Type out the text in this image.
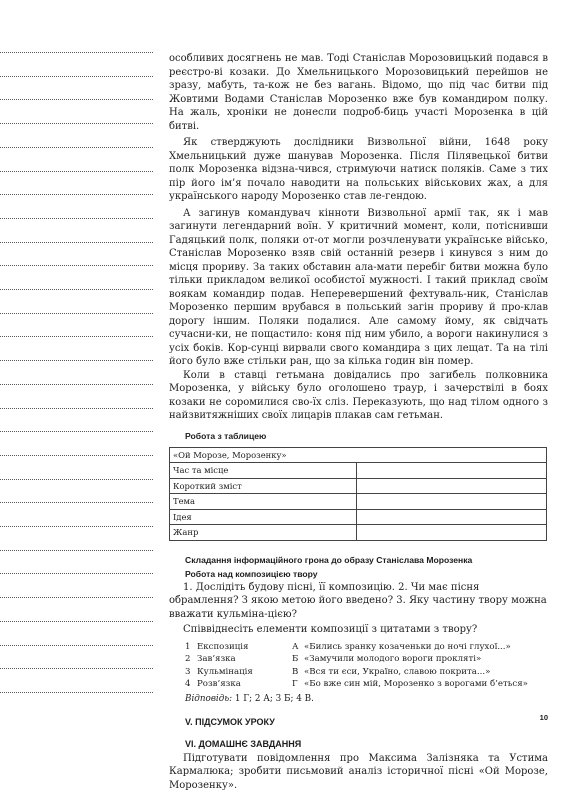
особливих досягнень не мав. Тоді Станіслав Морозовицький подався в реєстро-ві козаки. До Хмельницького Морозовицький перейшов не зразу, мабуть, та-кож не без вагань. Відомо, що під час битви під Жовтими Водами Станіслав Морозенко вже був командиром полку. На жаль, хроніки не донесли подроб-биць участі Морозенка в цій битві.

Як стверджують дослідники Визвольної війни, 1648 року Хмельницький дуже шанував Морозенка. Після Пілявецької битви полк Морозенка відзна-чився, стримуючи натиск поляків. Саме з тих пір його ім’я почало наводити на польських військових жах, а для українського народу Морозенко став ле-гендою.

А загинув командувач кінноти Визвольної армії так, як і мав загинути легендарний воїн. У критичний момент, коли, потіснивши Гадяцький полк, поляки от-от могли розчленувати українське військо, Станіслав Морозенко взяв свій останній резерв і кинувся з ним до місця прориву. За таких обставин ала-мати перебіг битви можна було тільки прикладом великої особистої мужності. І такий приклад своїм воякам командир подав. Неперевершений фехтуваль-ник, Станіслав Морозенко першим врубався в польський загін прориву й про-клав дорогу іншим. Поляки подалися. Але самому йому, як свідчать сучасни-ки, не пощастило: коня під ним убило, а вороги накинулися з усіх боків. Кор-сунці вирвали свого командира з цих лещат. Та на тілі його було вже стільки ран, що за кілька годин він помер.

Коли в ставці гетьмана довідались про загибель полковника Морозенка, у війську було оголошено траур, і зачерствілі в боях козаки не соромилися сво-їх сліз. Переказують, що над тілом одного з найзвитяжніших своїх лицарів плакав сам гетьман.

Робота з таблицею
«Ой Морозе, Морозенку»	
Час та місце	
Короткий зміст	
Тема	
Ідея	
Жанр	
Складання інформаційного грона до образу Станіслава Морозенка
Робота над композицією твору

1. Дослідіть будову пісні, її композицію. 2. Чи має пісня обрамлення? З якою метою його введено? 3. Яку частину твору можна вважати кульміна-цією?

Співвіднесіть елементи композиції з цитатами з твору?

1 Експозиція	А «Бились зранку козаченьки до ночі глухої...»
2 Зав’язка	Б «Замучили молодого вороги прокляті»
3 Кульмінація	В «Вся ти єси, Україно, славою покрита...»
4 Розв’язка	Г «Бо вже син мій, Морозенко з ворогами б’еться»
Відповідь: 1 Г; 2 А; 3 Б; 4 В.
V. ПІДСУМОК УРОКУ
VI. ДОМАШНЄ ЗАВДАННЯ

Підготувати повідомлення про Максима Залізняка та Устима Кармалюка; зробити письмовий аналіз історичної пісні «Ой Морозе, Морозенку».

10
